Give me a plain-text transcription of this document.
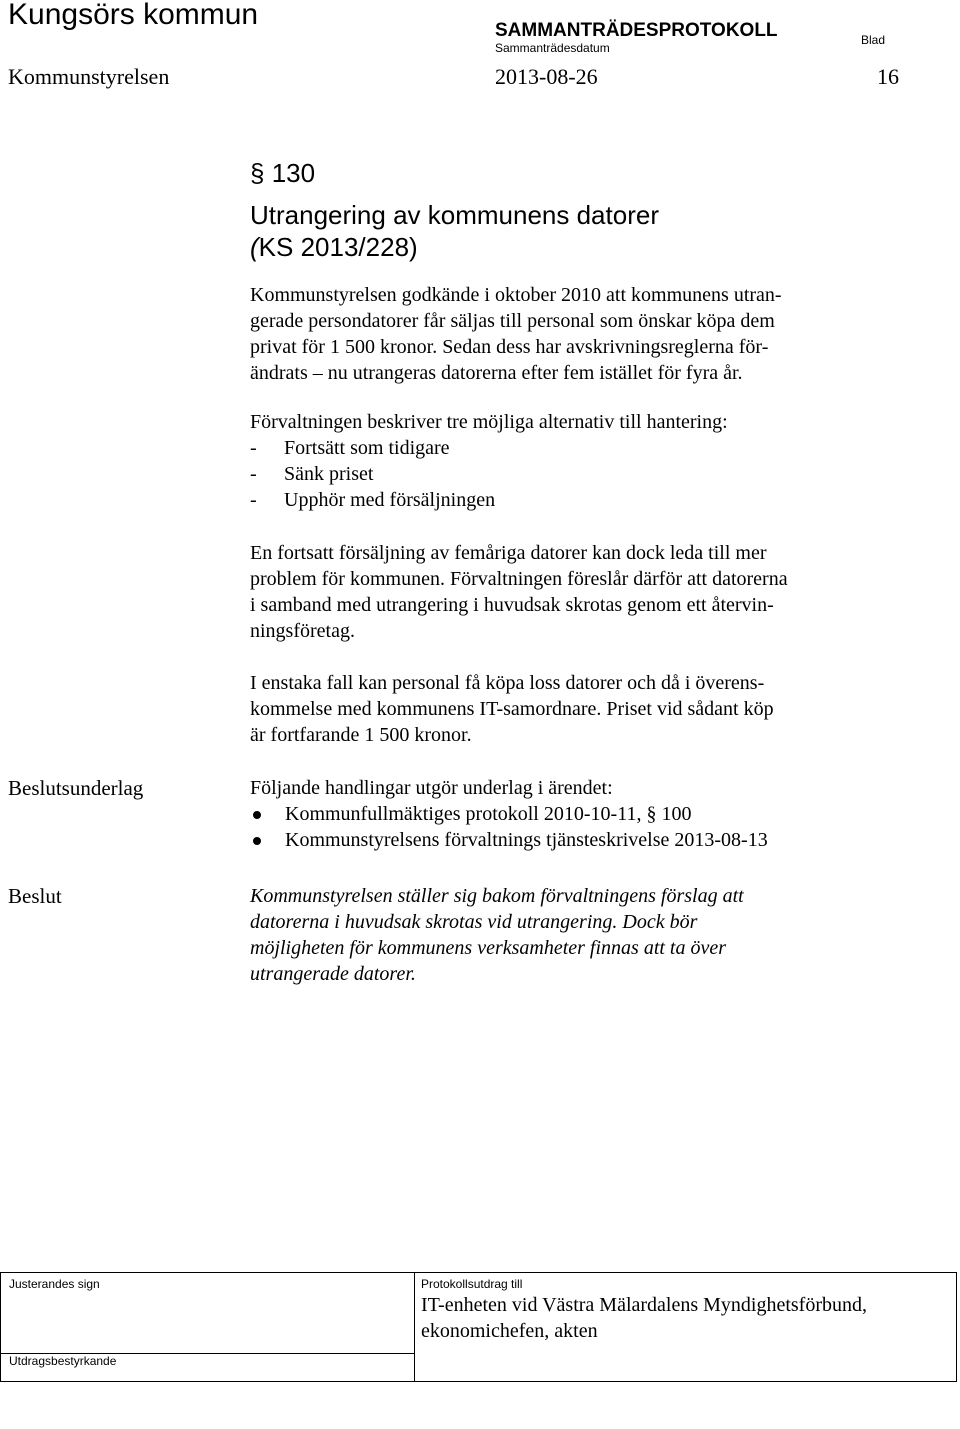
Kungsörs kommun	SAMMANTRÄDESPROTOKOLL
Sammanträdesdatum
Blad
Kommunstyrelsen	2013-08-26	16
§ 130
Utrangering av kommunens datorer
(KS 2013/228)
Kommunstyrelsen godkände i oktober 2010 att kommunens utran-
gerade persondatorer får säljas till personal som önskar köpa dem
privat för 1 500 kronor. Sedan dess har avskrivningsreglerna för-
ändrats – nu utrangeras datorerna efter fem istället för fyra år.
Förvaltningen beskriver tre möjliga alternativ till hantering:
- Fortsätt som tidigare
- Sänk priset
- Upphör med försäljningen
En fortsatt försäljning av femåriga datorer kan dock leda till mer
problem för kommunen. Förvaltningen föreslår därför att datorerna
i samband med utrangering i huvudsak skrotas genom ett återvin-
ningsföretag.
I enstaka fall kan personal få köpa loss datorer och då i överens-
kommelse med kommunens IT-samordnare. Priset vid sådant köp
är fortfarande 1 500 kronor.
Beslutsunderlag	Följande handlingar utgör underlag i ärendet:
Kommunfullmäktiges protokoll 2010-10-11, § 100
Kommunstyrelsens förvaltnings tjänsteskrivelse 2013-08-13
Beslut	Kommunstyrelsen ställer sig bakom förvaltningens förslag att
datorerna i huvudsak skrotas vid utrangering. Dock bör
möjligheten för kommunens verksamheter finnas att ta över
utrangerade datorer.
Justerandes sign
Utdragsbestyrkande
Protokollsutdrag till
IT-enheten vid Västra Mälardalens Myndighetsförbund,
ekonomichefen, akten
